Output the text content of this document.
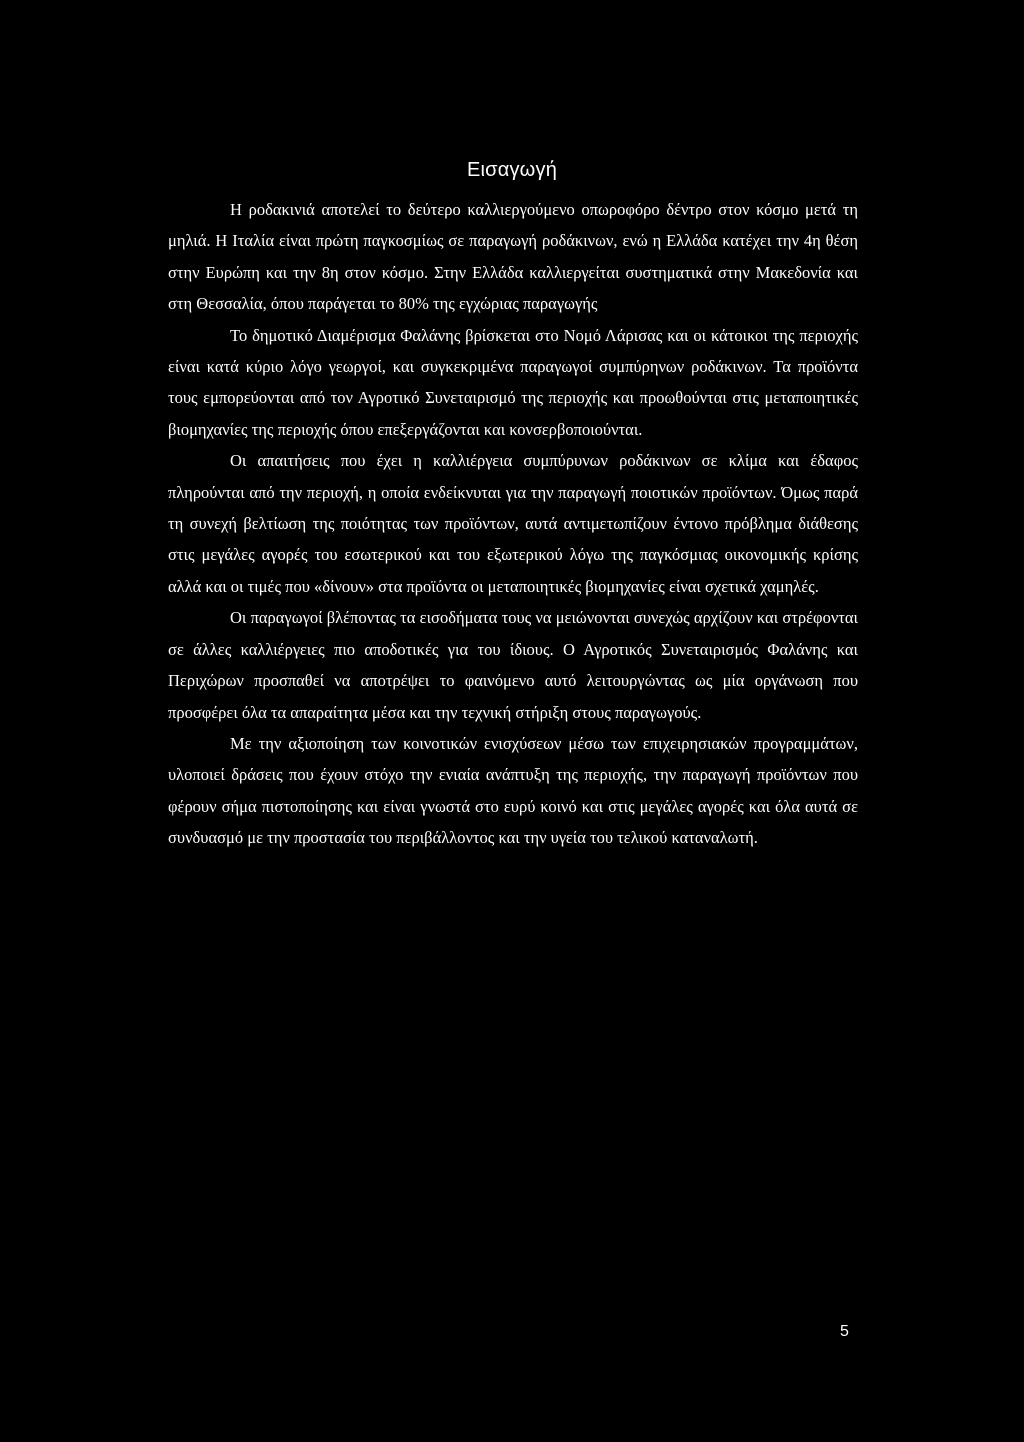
Εισαγωγή

Η ροδακινιά αποτελεί το δεύτερο καλλιεργούμενο οπωροφόρο δέντρο στον κόσμο μετά τη μηλιά. Η Ιταλία είναι πρώτη παγκοσμίως σε παραγωγή ροδάκινων, ενώ η Ελλάδα κατέχει την 4η θέση στην Ευρώπη και την 8η στον κόσμο. Στην Ελλάδα καλλιεργείται συστηματικά στην Μακεδονία και στη Θεσσαλία, όπου παράγεται το 80% της εγχώριας παραγωγής

Το δημοτικό Διαμέρισμα Φαλάνης βρίσκεται στο Νομό Λάρισας και οι κάτοικοι της περιοχής είναι κατά κύριο λόγο γεωργοί, και συγκεκριμένα παραγωγοί συμπύρηνων ροδάκινων. Τα προϊόντα τους εμπορεύονται από τον Αγροτικό Συνεταιρισμό της περιοχής και προωθούνται στις μεταποιητικές βιομηχανίες της περιοχής όπου επεξεργάζονται και κονσερβοποιούνται.

Οι απαιτήσεις που έχει η καλλιέργεια συμπύρυνων ροδάκινων σε κλίμα και έδαφος πληρούνται από την περιοχή, η οποία ενδείκνυται για την παραγωγή ποιοτικών προϊόντων. Όμως παρά τη συνεχή βελτίωση της ποιότητας των προϊόντων, αυτά αντιμετωπίζουν έντονο πρόβλημα διάθεσης στις μεγάλες αγορές του εσωτερικού και του εξωτερικού λόγω της παγκόσμιας οικονομικής κρίσης αλλά και οι τιμές που «δίνουν» στα προϊόντα οι μεταποιητικές βιομηχανίες είναι σχετικά χαμηλές.

Οι παραγωγοί βλέποντας τα εισοδήματα τους να μειώνονται συνεχώς αρχίζουν και στρέφονται σε άλλες καλλιέργειες πιο αποδοτικές για του ίδιους. Ο Αγροτικός Συνεταιρισμός Φαλάνης και Περιχώρων προσπαθεί να αποτρέψει το φαινόμενο αυτό λειτουργώντας ως μία οργάνωση που προσφέρει όλα τα απαραίτητα μέσα και την τεχνική στήριξη στους παραγωγούς.

Με την αξιοποίηση των κοινοτικών ενισχύσεων μέσω των επιχειρησιακών προγραμμάτων, υλοποιεί δράσεις που έχουν στόχο την ενιαία ανάπτυξη της περιοχής, την παραγωγή προϊόντων που φέρουν σήμα πιστοποίησης και είναι γνωστά στο ευρύ κοινό και στις μεγάλες αγορές και όλα αυτά σε συνδυασμό με την προστασία του περιβάλλοντος και την υγεία του τελικού καταναλωτή.

5
